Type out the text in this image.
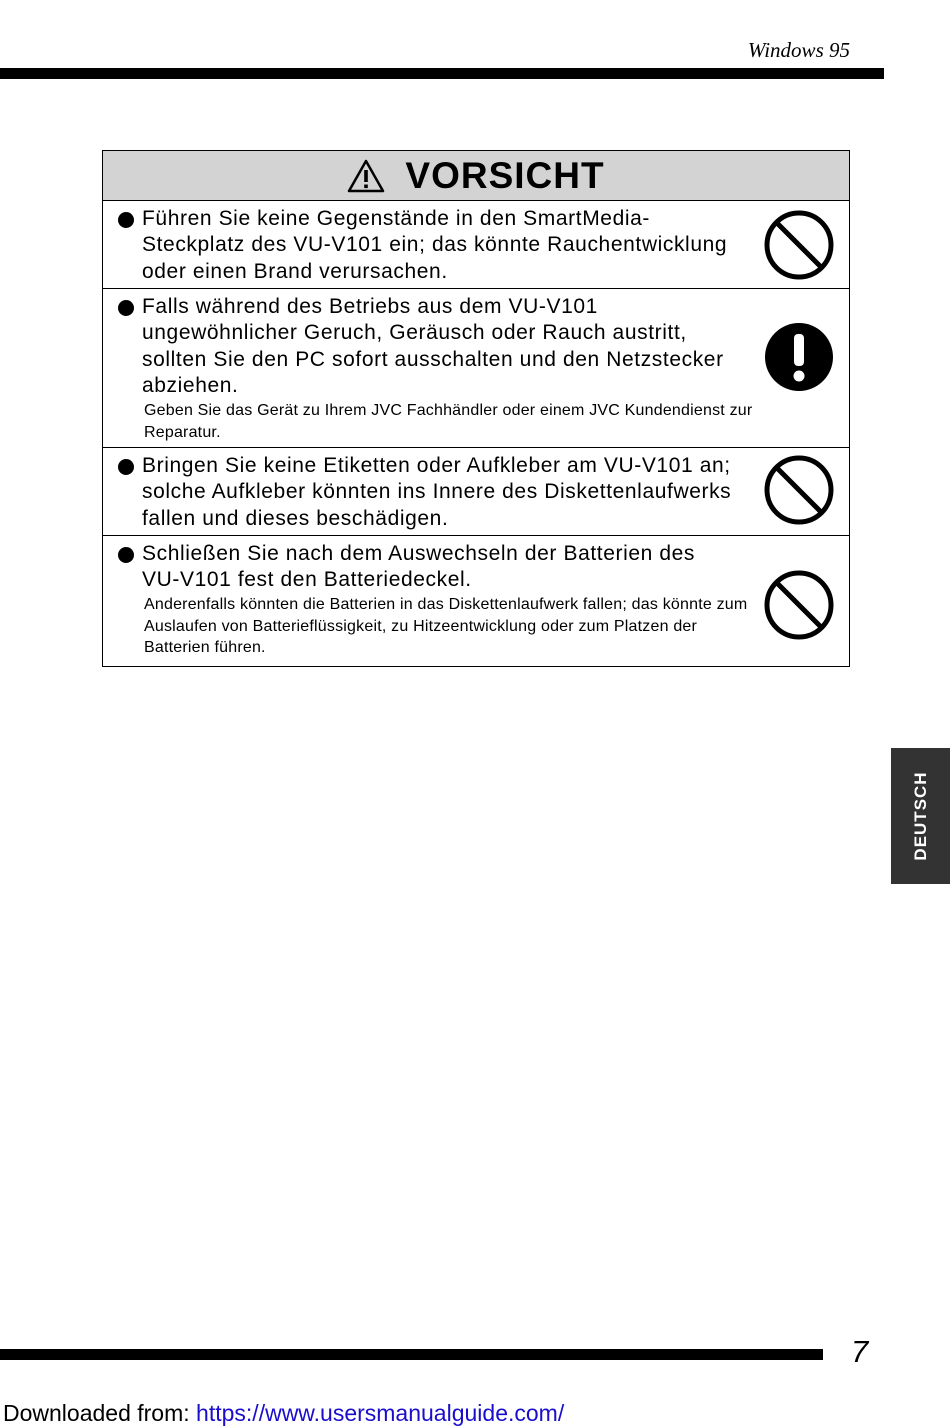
Windows 95
VORSICHT
Führen Sie keine Gegenstände in den SmartMedia-Steckplatz des VU-V101 ein; das könnte Rauchentwicklung oder einen Brand verursachen.
Falls während des Betriebs aus dem VU-V101 ungewöhnlicher Geruch, Geräusch oder Rauch austritt, sollten Sie den PC sofort ausschalten und den Netzstecker abziehen.
Geben Sie das Gerät zu Ihrem JVC Fachhändler oder einem JVC Kundendienst zur Reparatur.
Bringen Sie keine Etiketten oder Aufkleber am VU-V101 an; solche Aufkleber könnten ins Innere des Diskettenlaufwerks fallen und dieses beschädigen.
Schließen Sie nach dem Auswechseln der Batterien des VU-V101 fest den Batteriedeckel.
Anderenfalls könnten die Batterien in das Diskettenlaufwerk fallen; das könnte zum Auslaufen von Batterieflüssigkeit, zu Hitzeentwicklung oder zum Platzen der Batterien führen.
DEUTSCH
7
Downloaded from: https://www.usersmanualguide.com/
